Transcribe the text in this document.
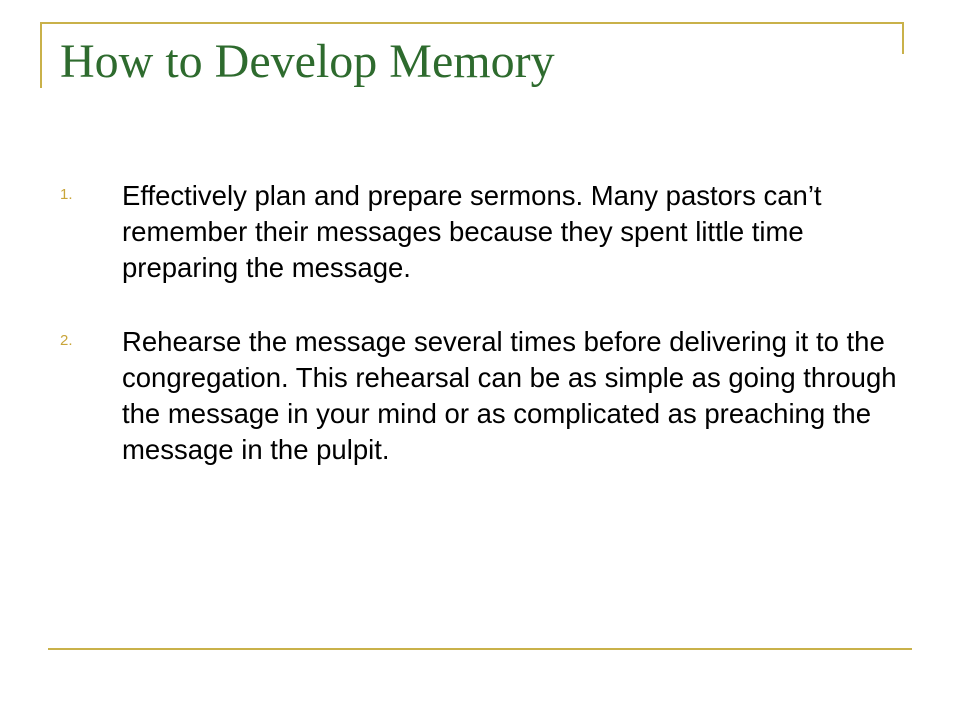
How to Develop Memory
1. Effectively plan and prepare sermons. Many pastors can’t remember their messages because they spent little time preparing the message.
2. Rehearse the message several times before delivering it to the congregation. This rehearsal can be as simple as going through the message in your mind or as complicated as preaching the message in the pulpit.
